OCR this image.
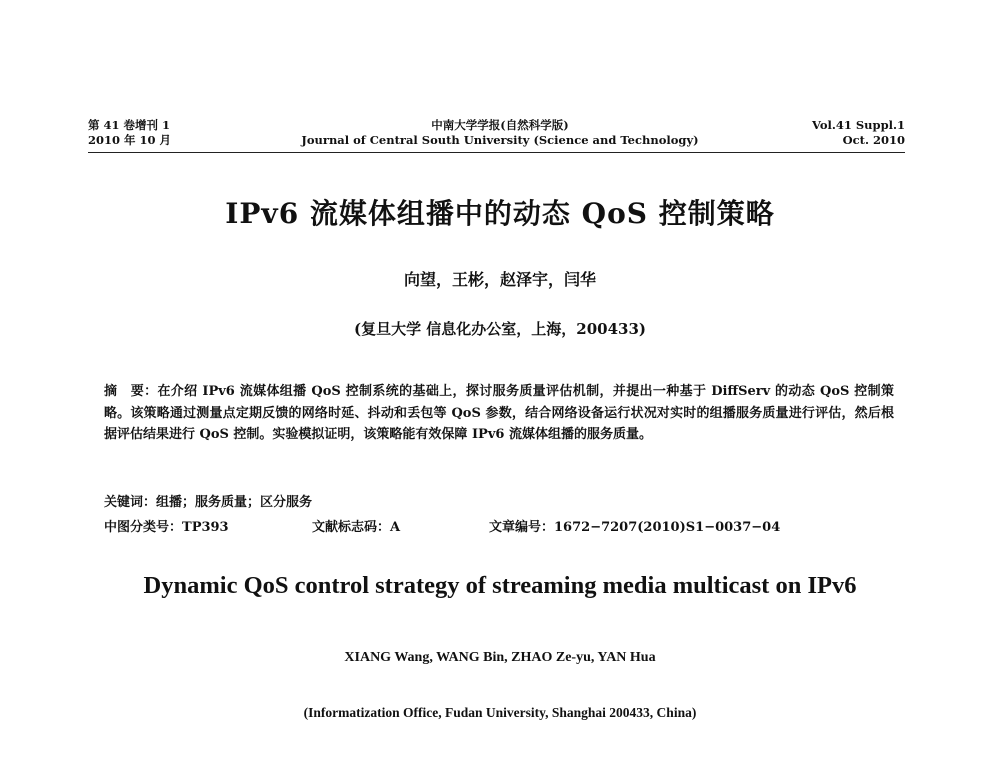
第 41 卷增刊 1
2010 年 10 月
中南大学学报(自然科学版)
Journal of Central South University (Science and Technology)
Vol.41 Suppl.1
Oct. 2010
IPv6 流媒体组播中的动态 QoS 控制策略
向望，王彬，赵泽宇，闫华
(复旦大学 信息化办公室，上海，200433)
摘　要：在介绍 IPv6 流媒体组播 QoS 控制系统的基础上，探讨服务质量评估机制，并提出一种基于 DiffServ 的动态 QoS 控制策略。该策略通过测量点定期反馈的网络时延、抖动和丢包等 QoS 参数，结合网络设备运行状况对实时的组播服务质量进行评估，然后根据评估结果进行 QoS 控制。实验模拟证明，该策略能有效保障 IPv6 流媒体组播的服务质量。
关键词：组播；服务质量；区分服务
中图分类号：TP393	文献标志码：A	文章编号：1672−7207(2010)S1−0037−04
Dynamic QoS control strategy of streaming media multicast on IPv6
XIANG Wang, WANG Bin, ZHAO Ze-yu, YAN Hua
(Informatization Office, Fudan University, Shanghai 200433, China)
